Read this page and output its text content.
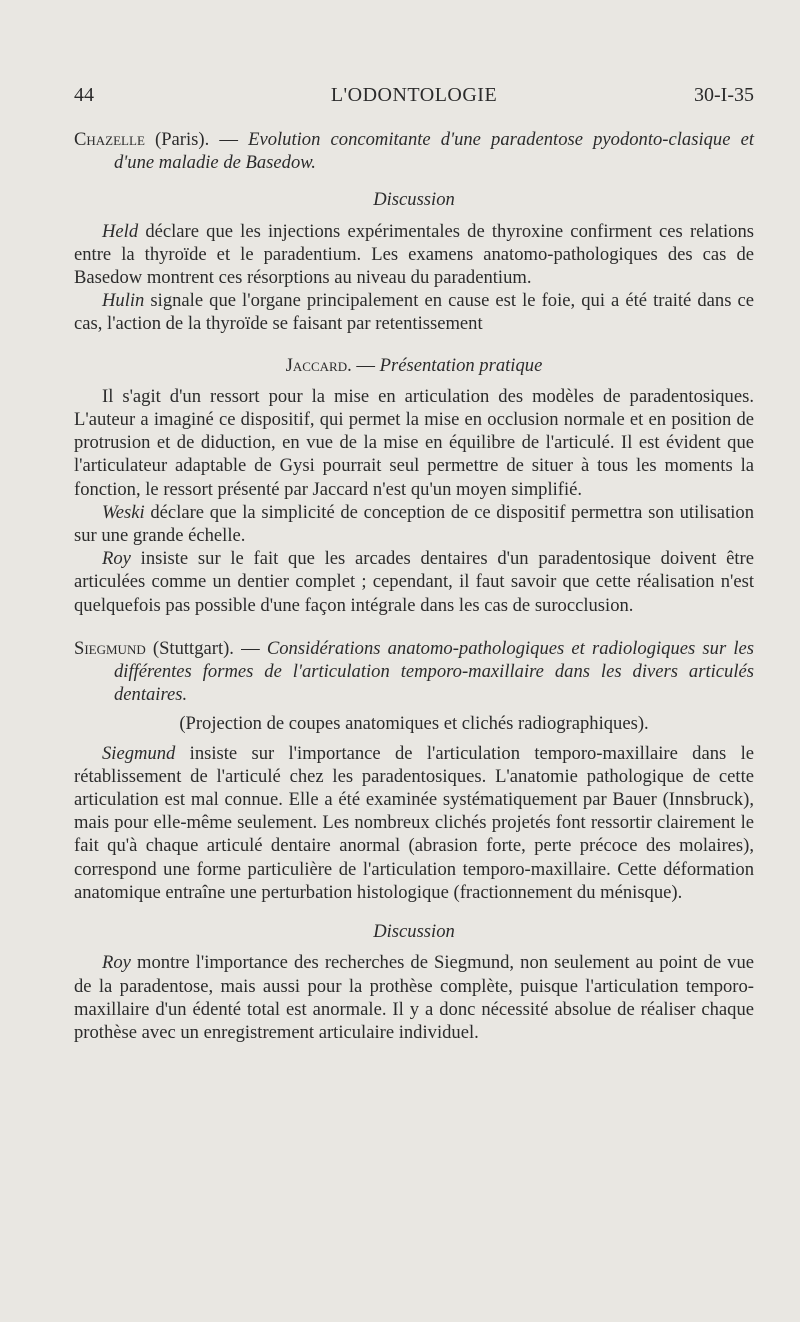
44	L'ODONTOLOGIE	30-I-35

Chazelle (Paris). — Evolution concomitante d'une paradentose pyodonto-clasique et d'une maladie de Basedow.

Discussion

Held déclare que les injections expérimentales de thyroxine confirment ces relations entre la thyroïde et le paradentium. Les examens anatomo-pathologiques des cas de Basedow montrent ces résorptions au niveau du paradentium.

Hulin signale que l'organe principalement en cause est le foie, qui a été traité dans ce cas, l'action de la thyroïde se faisant par retentissement

Jaccard. — Présentation pratique

Il s'agit d'un ressort pour la mise en articulation des modèles de paradentosiques. L'auteur a imaginé ce dispositif, qui permet la mise en occlusion normale et en position de protrusion et de diduction, en vue de la mise en équilibre de l'articulé. Il est évident que l'articulateur adaptable de Gysi pourrait seul permettre de situer à tous les moments la fonction, le ressort présenté par Jaccard n'est qu'un moyen simplifié.

Weski déclare que la simplicité de conception de ce dispositif permettra son utilisation sur une grande échelle.

Roy insiste sur le fait que les arcades dentaires d'un paradentosique doivent être articulées comme un dentier complet ; cependant, il faut savoir que cette réalisation n'est quelquefois pas possible d'une façon intégrale dans les cas de surocclusion.

Siegmund (Stuttgart). — Considérations anatomo-pathologiques et radiologiques sur les différentes formes de l'articulation temporo-maxillaire dans les divers articulés dentaires.

(Projection de coupes anatomiques et clichés radiographiques).

Siegmund insiste sur l'importance de l'articulation temporo-maxillaire dans le rétablissement de l'articulé chez les paradentosiques. L'anatomie pathologique de cette articulation est mal connue. Elle a été examinée systématiquement par Bauer (Innsbruck), mais pour elle-même seulement. Les nombreux clichés projetés font ressortir clairement le fait qu'à chaque articulé dentaire anormal (abrasion forte, perte précoce des molaires), correspond une forme particulière de l'articulation temporo-maxillaire. Cette déformation anatomique entraîne une perturbation histologique (fractionnement du ménisque).

Discussion

Roy montre l'importance des recherches de Siegmund, non seulement au point de vue de la paradentose, mais aussi pour la prothèse complète, puisque l'articulation temporo-maxillaire d'un édenté total est anormale. Il y a donc nécessité absolue de réaliser chaque prothèse avec un enregistrement articulaire individuel.
